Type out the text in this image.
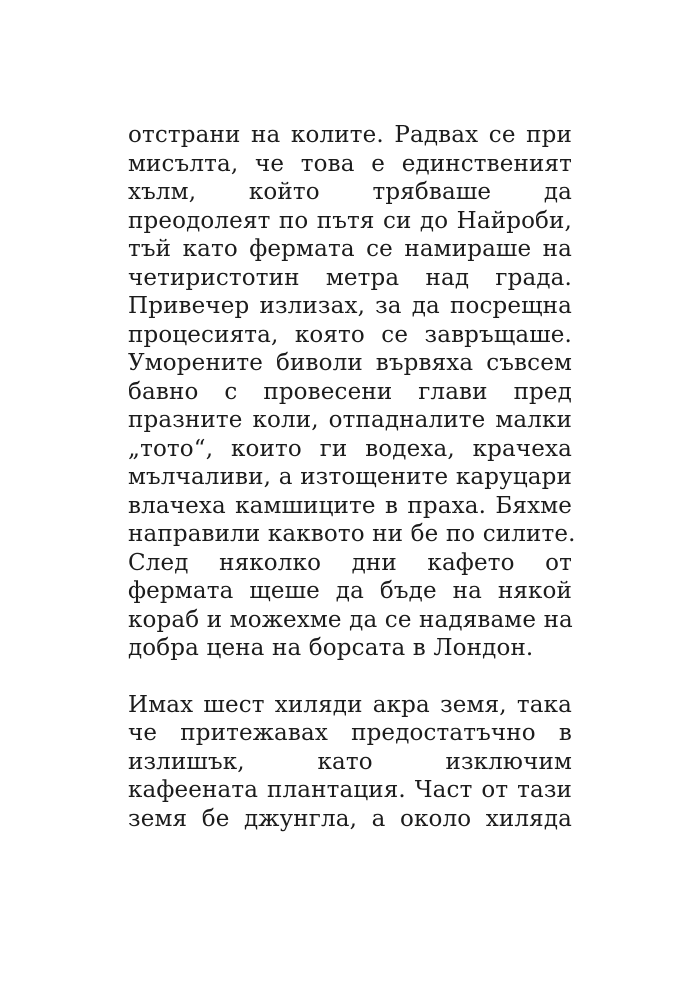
отстрани на колите. Радвах се при
мисълта, че това е единственият
хълм, който трябваше да
преодолеят по пътя си до Найроби,
тъй като фермата се намираше на
четиристотин метра над града.
Привечер излизах, за да посрещна
процесията, която се завръщаше.
Уморените биволи вървяха съвсем
бавно с провесени глави пред
празните коли, отпадналите малки
„тото“, които ги водеха, крачеха
мълчаливи, а изтощените каруцари
влачеха камшиците в праха. Бяхме
направили каквото ни бе по силите.
След няколко дни кафето от
фермата щеше да бъде на някой
кораб и можехме да се надяваме на
добра цена на борсата в Лондон.
Имах шест хиляди акра земя, така
че притежавах предостатъчно в
излишък, като изключим
кафеената плантация. Част от тази
земя бе джунгла, а около хиляда
